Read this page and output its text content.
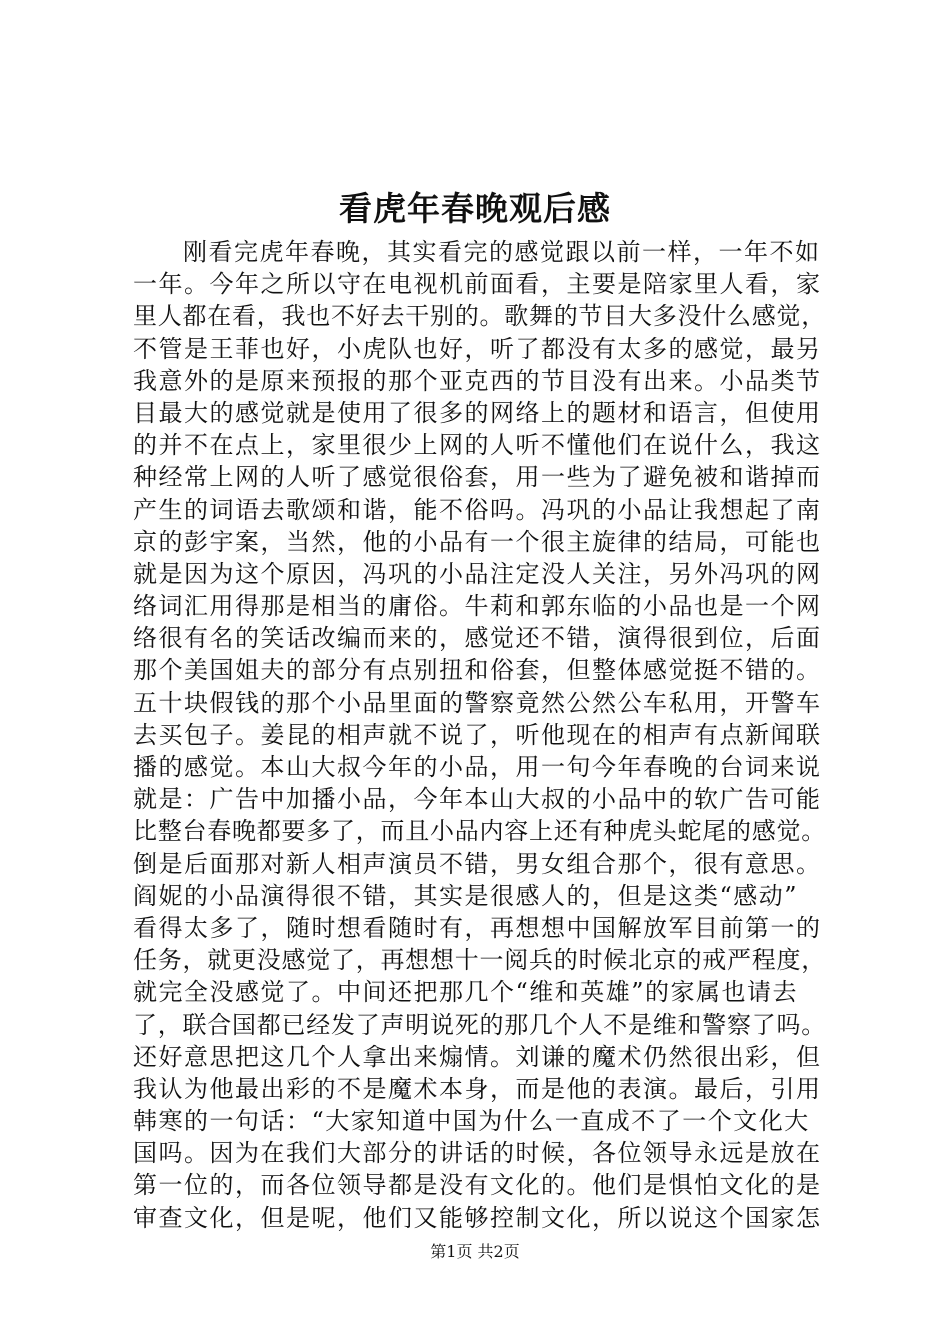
看虎年春晚观后感
刚看完虎年春晚，其实看完的感觉跟以前一样，一年不如
一年。今年之所以守在电视机前面看，主要是陪家里人看，家
里人都在看，我也不好去干别的。歌舞的节目大多没什么感觉，
不管是王菲也好，小虎队也好，听了都没有太多的感觉，最另
我意外的是原来预报的那个亚克西的节目没有出来。小品类节
目最大的感觉就是使用了很多的网络上的题材和语言，但使用
的并不在点上，家里很少上网的人听不懂他们在说什么，我这
种经常上网的人听了感觉很俗套，用一些为了避免被和谐掉而
产生的词语去歌颂和谐，能不俗吗。冯巩的小品让我想起了南
京的彭宇案，当然，他的小品有一个很主旋律的结局，可能也
就是因为这个原因，冯巩的小品注定没人关注，另外冯巩的网
络词汇用得那是相当的庸俗。牛莉和郭东临的小品也是一个网
络很有名的笑话改编而来的，感觉还不错，演得很到位，后面
那个美国姐夫的部分有点别扭和俗套，但整体感觉挺不错的。
五十块假钱的那个小品里面的警察竟然公然公车私用，开警车
去买包子。姜昆的相声就不说了，听他现在的相声有点新闻联
播的感觉。本山大叔今年的小品，用一句今年春晚的台词来说
就是：广告中加播小品，今年本山大叔的小品中的软广告可能
比整台春晚都要多了，而且小品内容上还有种虎头蛇尾的感觉。
倒是后面那对新人相声演员不错，男女组合那个，很有意思。
阎妮的小品演得很不错，其实是很感人的，但是这类“感动”
看得太多了，随时想看随时有，再想想中国解放军目前第一的
任务，就更没感觉了，再想想十一阅兵的时候北京的戒严程度，
就完全没感觉了。中间还把那几个“维和英雄”的家属也请去
了，联合国都已经发了声明说死的那几个人不是维和警察了吗。
还好意思把这几个人拿出来煽情。刘谦的魔术仍然很出彩，但
我认为他最出彩的不是魔术本身，而是他的表演。最后，引用
韩寒的一句话：“大家知道中国为什么一直成不了一个文化大
国吗。因为在我们大部分的讲话的时候，各位领导永远是放在
第一位的，而各位领导都是没有文化的。他们是惧怕文化的是
审查文化，但是呢，他们又能够控制文化，所以说这个国家怎
第1页 共2页
